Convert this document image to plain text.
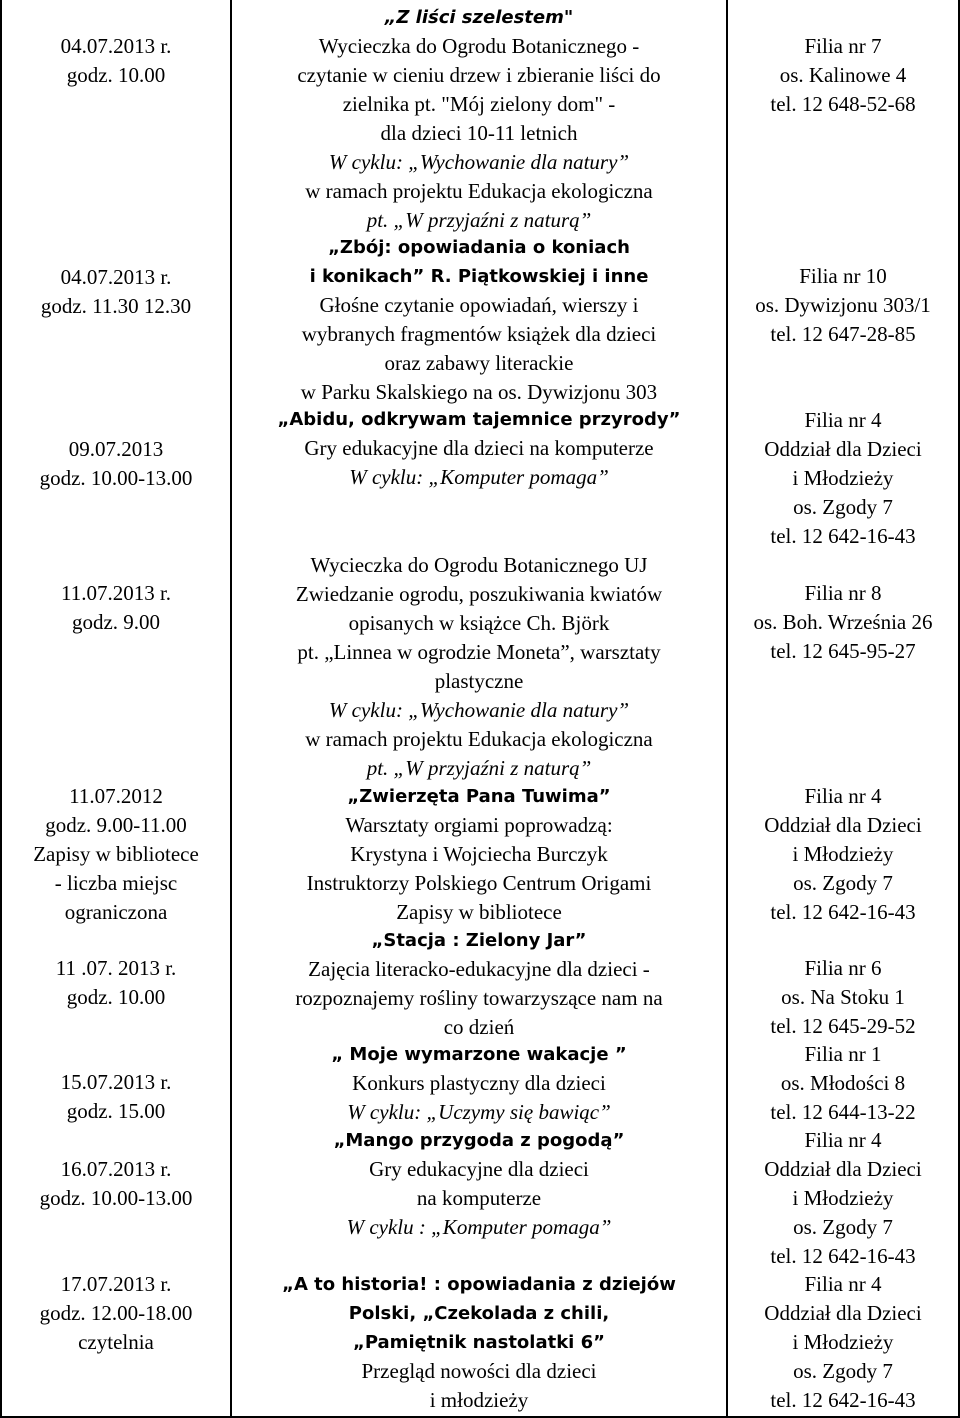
04.07.2013 r.
godz. 10.00
04.07.2013 r.
godz. 11.30 12.30
09.07.2013
godz. 10.00-13.00
11.07.2013 r.
godz. 9.00
11.07.2012
godz. 9.00-11.00
Zapisy w bibliotece
- liczba miejsc
ograniczona
11 .07. 2013 r.
godz. 10.00
15.07.2013 r.
godz. 15.00
16.07.2013 r.
godz. 10.00-13.00
17.07.2013 r.
godz. 12.00-18.00
czytelnia
„Z liści szelestem"
Wycieczka do Ogrodu Botanicznego -
czytanie w cieniu drzew i zbieranie liści do
zielnika pt. "Mój zielony dom" -
dla dzieci 10-11 letnich
W cyklu: „Wychowanie dla natury”
w ramach projektu Edukacja ekologiczna
pt. „W przyjaźni z naturą”
„Zbój: opowiadania o koniach
i konikach” R. Piątkowskiej i inne
Głośne czytanie opowiadań, wierszy i
wybranych fragmentów książek dla dzieci
oraz zabawy literackie
w Parku Skalskiego na os. Dywizjonu 303
„Abidu, odkrywam tajemnice przyrody”
Gry edukacyjne dla dzieci na komputerze
W cyklu: „Komputer pomaga”
Wycieczka do Ogrodu Botanicznego UJ
Zwiedzanie ogrodu, poszukiwania kwiatów
opisanych w książce Ch. Björk
pt. „Linnea w ogrodzie Moneta”, warsztaty
plastyczne
W cyklu: „Wychowanie dla natury”
w ramach projektu Edukacja ekologiczna
pt. „W przyjaźni z naturą”
„Zwierzęta Pana Tuwima”
Warsztaty orgiami poprowadzą:
Krystyna i Wojciecha Burczyk
Instruktorzy Polskiego Centrum Origami
Zapisy w bibliotece
„Stacja : Zielony Jar”
Zajęcia literacko-edukacyjne dla dzieci -
rozpoznajemy rośliny towarzyszące nam na
co dzień
„ Moje wymarzone wakacje ”
Konkurs plastyczny dla dzieci
W cyklu: „Uczymy się bawiąc”
„Mango przygoda z pogodą”
Gry edukacyjne dla dzieci
na komputerze
W cyklu : „Komputer pomaga”
„A to historia! : opowiadania z dziejów
Polski, „Czekolada z chili,
„Pamiętnik nastolatki 6”
Przegląd nowości dla dzieci
i młodzieży
Filia nr 7
os. Kalinowe 4
tel. 12 648-52-68
Filia nr 10
os. Dywizjonu 303/1
tel. 12 647-28-85
Filia nr 4
Oddział dla Dzieci
i Młodzieży
os. Zgody 7
tel. 12 642-16-43
Filia nr 8
os. Boh. Września 26
tel. 12 645-95-27
Filia nr 4
Oddział dla Dzieci
i Młodzieży
os. Zgody 7
tel. 12 642-16-43
Filia nr 6
os. Na Stoku 1
tel. 12 645-29-52
Filia nr 1
os. Młodości 8
tel. 12 644-13-22
Filia nr 4
Oddział dla Dzieci
i Młodzieży
os. Zgody 7
tel. 12 642-16-43
Filia nr 4
Oddział dla Dzieci
i Młodzieży
os. Zgody 7
tel. 12 642-16-43
